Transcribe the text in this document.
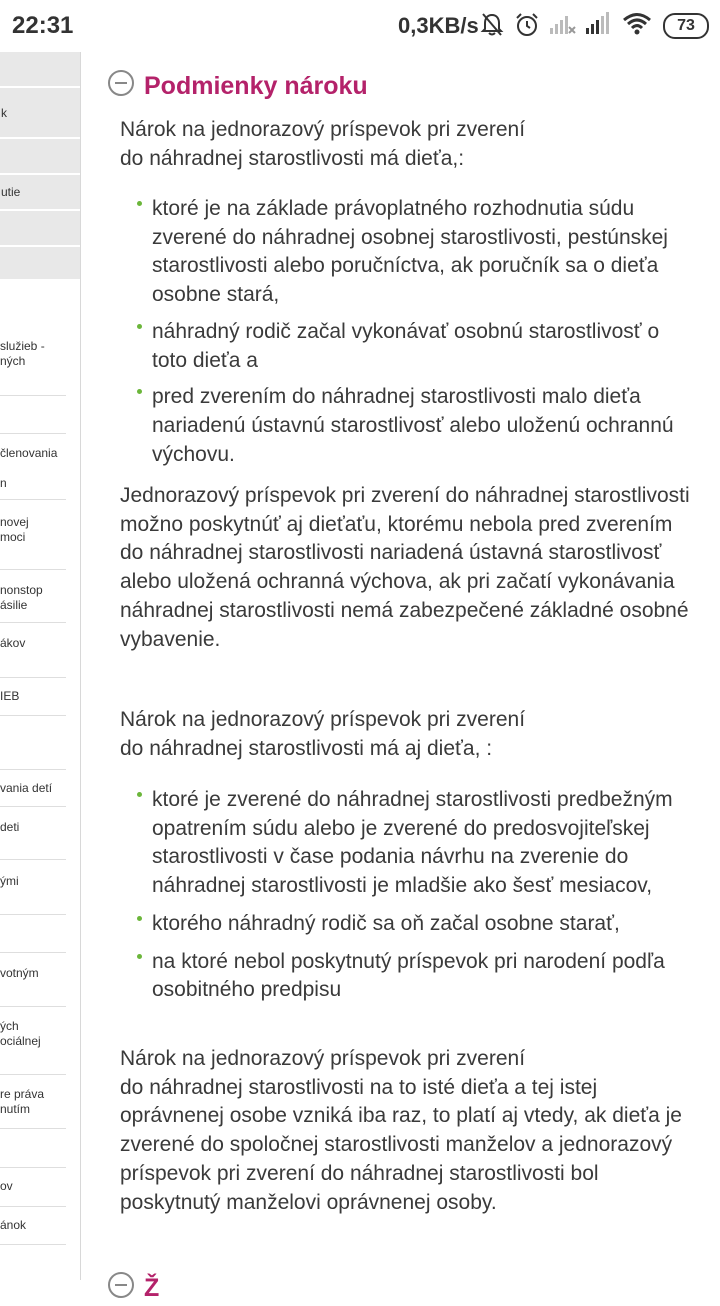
22:31	0,3KB/s	73
k
utie
služieb -
ných
členovania
n
novej
moci
nonstop
ásilie
ákov
IEB
vania detí
deti
ými
votným
ých
ociálnej
re práva
nutím
ov
ánok
Podmienky nároku
Nárok na jednorazový príspevok pri zverení
do náhradnej starostlivosti má dieťa,:
ktoré je na základe právoplatného rozhodnutia súdu zverené do náhradnej osobnej starostlivosti, pestúnskej starostlivosti alebo poručníctva, ak poručník sa o dieťa osobne stará,
náhradný rodič začal vykonávať osobnú starostlivosť o toto dieťa a
pred zverením do náhradnej starostlivosti malo dieťa nariadenú ústavnú starostlivosť alebo uloženú ochrannú výchovu.
Jednorazový príspevok pri zverení do náhradnej starostlivosti možno poskytnúť aj dieťaťu, ktorému nebola pred zverením do náhradnej starostlivosti nariadená ústavná starostlivosť alebo uložená ochranná výchova, ak pri začatí vykonávania náhradnej starostlivosti nemá zabezpečené základné osobné vybavenie.
Nárok na jednorazový príspevok pri zverení
do náhradnej starostlivosti má aj dieťa, :
ktoré je zverené do náhradnej starostlivosti predbežným opatrením súdu alebo je zverené do predosvojiteľskej starostlivosti v čase podania návrhu na zverenie do náhradnej starostlivosti je mladšie ako šesť mesiacov,
ktorého náhradný rodič sa oň začal osobne starať,
na ktoré nebol poskytnutý príspevok pri narodení podľa osobitného predpisu
Nárok na jednorazový príspevok pri zverení
do náhradnej starostlivosti na to isté dieťa a tej istej oprávnenej osobe vzniká iba raz, to platí aj vtedy, ak dieťa je zverené do spoločnej starostlivosti manželov a jednorazový príspevok pri zverení do náhradnej starostlivosti bol poskytnutý manželovi oprávnenej osoby.
Ž
